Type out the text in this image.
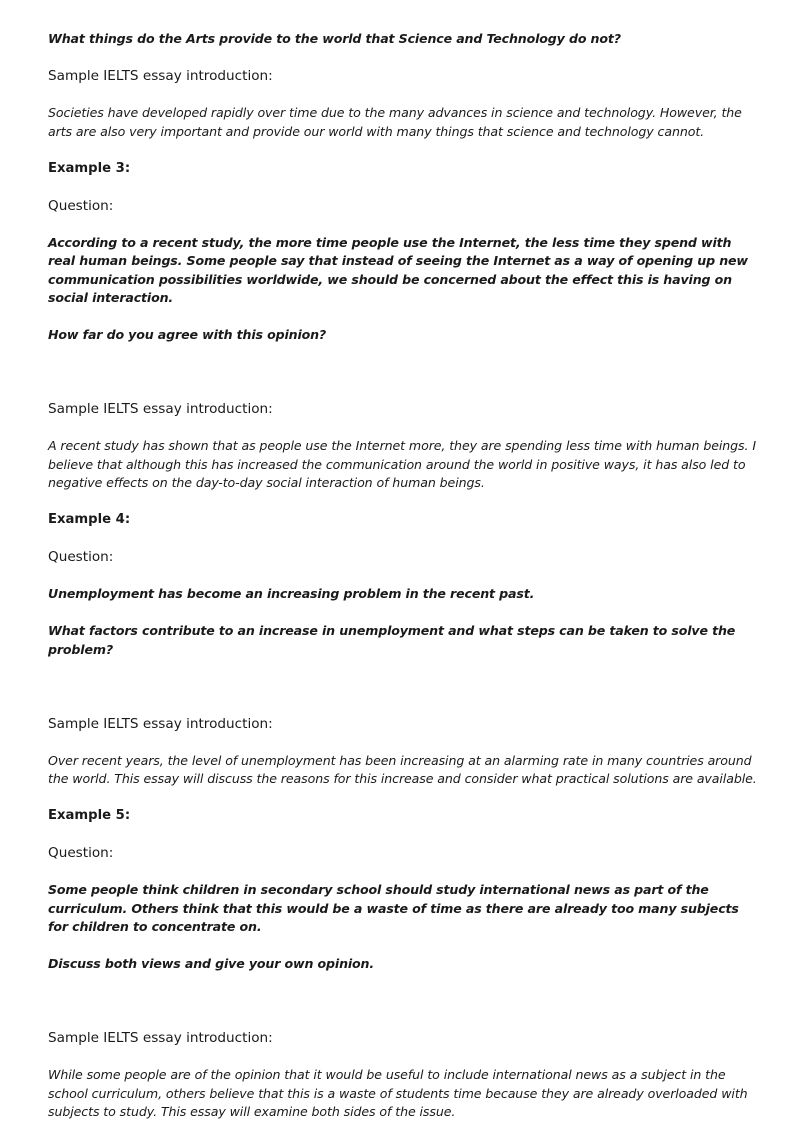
What things do the Arts provide to the world that Science and Technology do not?

Sample IELTS essay introduction:

Societies have developed rapidly over time due to the many advances in science and technology. However, the arts are also very important and provide our world with many things that science and technology cannot.

Example 3:

Question:

According to a recent study, the more time people use the Internet, the less time they spend with real human beings. Some people say that instead of seeing the Internet as a way of opening up new communication possibilities worldwide, we should be concerned about the effect this is having on social interaction.

How far do you agree with this opinion?

Sample IELTS essay introduction:

A recent study has shown that as people use the Internet more, they are spending less time with human beings. I believe that although this has increased the communication around the world in positive ways, it has also led to negative effects on the day-to-day social interaction of human beings.

Example 4:

Question:

Unemployment has become an increasing problem in the recent past.

What factors contribute to an increase in unemployment and what steps can be taken to solve the problem?

Sample IELTS essay introduction:

Over recent years, the level of unemployment has been increasing at an alarming rate in many countries around the world. This essay will discuss the reasons for this increase and consider what practical solutions are available.

Example 5:

Question:

Some people think children in secondary school should study international news as part of the curriculum. Others think that this would be a waste of time as there are already too many subjects for children to concentrate on.

Discuss both views and give your own opinion.

Sample IELTS essay introduction:

While some people are of the opinion that it would be useful to include international news as a subject in the school curriculum, others believe that this is a waste of students time because they are already overloaded with subjects to study. This essay will examine both sides of the issue.
